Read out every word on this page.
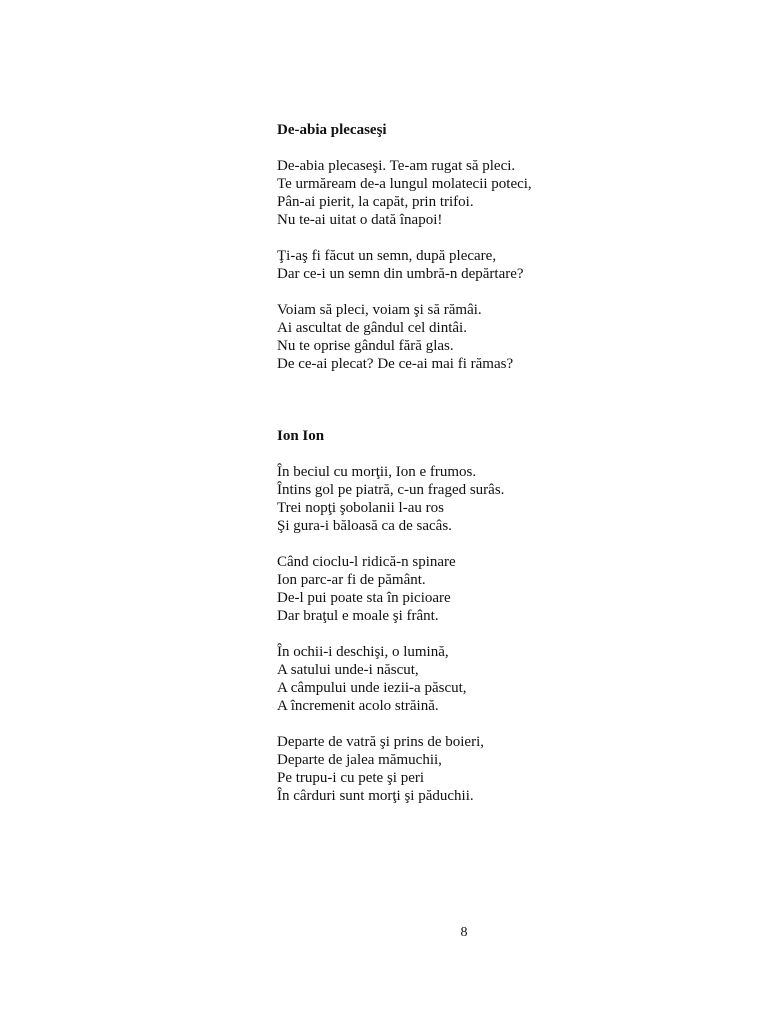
De-abia plecaseşi
De-abia plecaseşi. Te-am rugat să pleci.
Te urmăream de-a lungul molatecii poteci,
Pân-ai pierit, la capăt, prin trifoi.
Nu te-ai uitat o dată înapoi!
Ţi-aş fi făcut un semn, după plecare,
Dar ce-i un semn din umbră-n depărtare?
Voiam să pleci, voiam şi să rămâi.
Ai ascultat de gândul cel dintâi.
Nu te oprise gândul fără glas.
De ce-ai plecat? De ce-ai mai fi rămas?
Ion Ion
În beciul cu morţii, Ion e frumos.
Întins gol pe piatră, c-un fraged surâs.
Trei nopţi şobolanii l-au ros
Şi gura-i băloasă ca de sacâs.
Când cioclu-l ridică-n spinare
Ion parc-ar fi de pământ.
De-l pui poate sta în picioare
Dar braţul e moale şi frânt.
În ochii-i deschişi, o lumină,
A satului unde-i născut,
A câmpului unde iezii-a păscut,
A încremenit acolo străină.
Departe de vatră şi prins de boieri,
Departe de jalea mămuchii,
Pe trupu-i cu pete şi peri
În cârduri sunt morţi şi păduchii.
8
